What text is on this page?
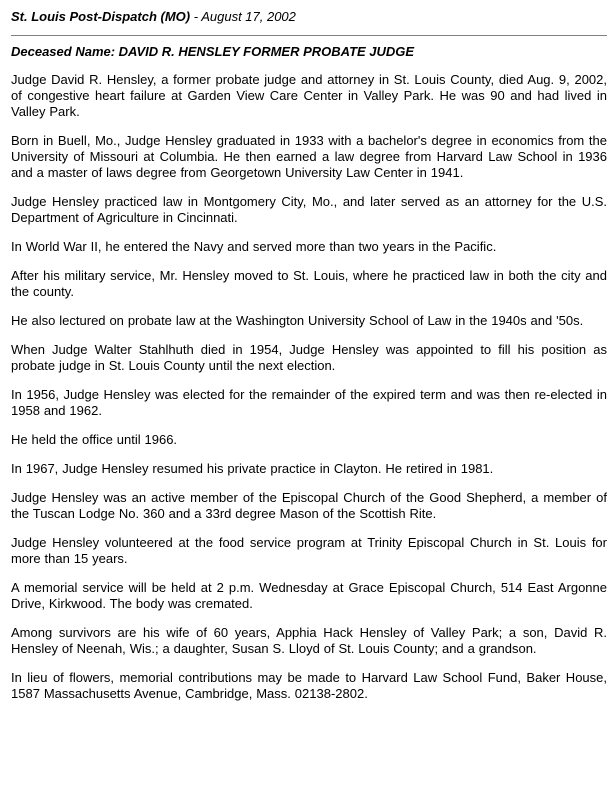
St. Louis Post-Dispatch (MO) - August 17, 2002
Deceased Name: DAVID R. HENSLEY FORMER PROBATE JUDGE

Judge David R. Hensley, a former probate judge and attorney in St. Louis County, died Aug. 9, 2002, of congestive heart failure at Garden View Care Center in Valley Park. He was 90 and had lived in Valley Park.

Born in Buell, Mo., Judge Hensley graduated in 1933 with a bachelor's degree in economics from the University of Missouri at Columbia. He then earned a law degree from Harvard Law School in 1936 and a master of laws degree from Georgetown University Law Center in 1941.

Judge Hensley practiced law in Montgomery City, Mo., and later served as an attorney for the U.S. Department of Agriculture in Cincinnati.

In World War II, he entered the Navy and served more than two years in the Pacific.

After his military service, Mr. Hensley moved to St. Louis, where he practiced law in both the city and the county.

He also lectured on probate law at the Washington University School of Law in the 1940s and '50s.

When Judge Walter Stahlhuth died in 1954, Judge Hensley was appointed to fill his position as probate judge in St. Louis County until the next election.

In 1956, Judge Hensley was elected for the remainder of the expired term and was then re-elected in 1958 and 1962.

He held the office until 1966.

In 1967, Judge Hensley resumed his private practice in Clayton. He retired in 1981.

Judge Hensley was an active member of the Episcopal Church of the Good Shepherd, a member of the Tuscan Lodge No. 360 and a 33rd degree Mason of the Scottish Rite.

Judge Hensley volunteered at the food service program at Trinity Episcopal Church in St. Louis for more than 15 years.

A memorial service will be held at 2 p.m. Wednesday at Grace Episcopal Church, 514 East Argonne Drive, Kirkwood. The body was cremated.

Among survivors are his wife of 60 years, Apphia Hack Hensley of Valley Park; a son, David R. Hensley of Neenah, Wis.; a daughter, Susan S. Lloyd of St. Louis County; and a grandson.

In lieu of flowers, memorial contributions may be made to Harvard Law School Fund, Baker House, 1587 Massachusetts Avenue, Cambridge, Mass. 02138-2802.
